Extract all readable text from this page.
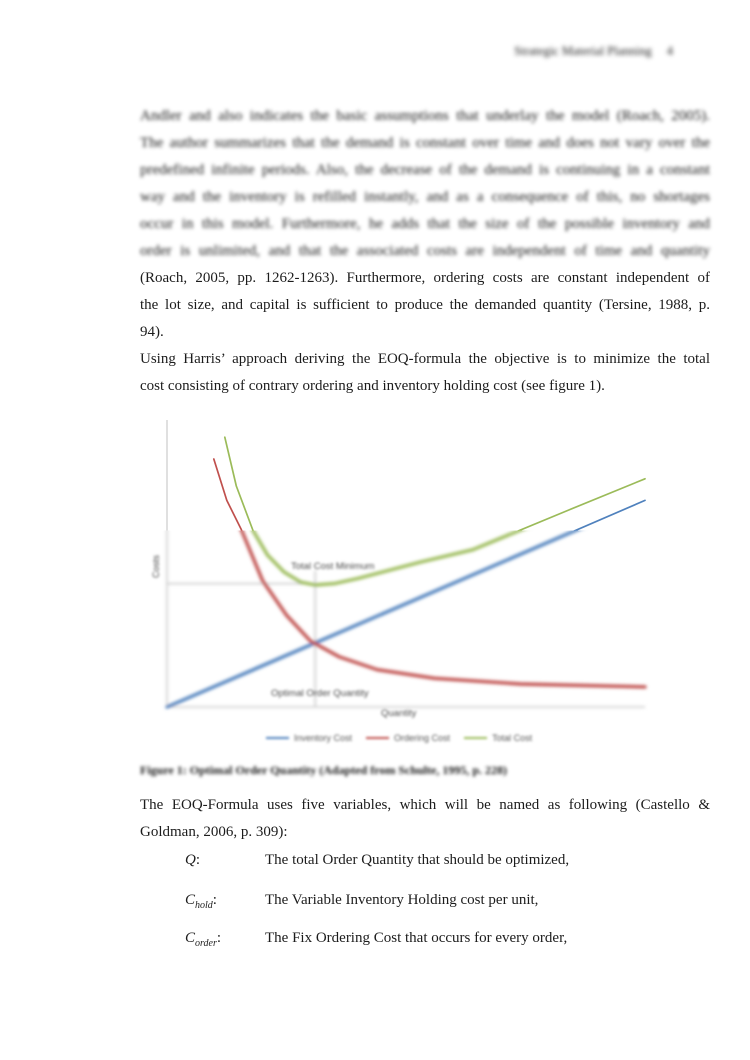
Strategic Material Planning 4
Andler and also indicates the basic assumptions that underlay the model (Roach, 2005).
The author summarizes that the demand is constant over time and does not vary over the
predefined infinite periods. Also, the decrease of the demand is continuing in a constant
way and the inventory is refilled instantly, and as a consequence of this, no shortages
occur in this model. Furthermore, he adds that the size of the possible inventory and
order is unlimited, and that the associated costs are independent of time and quantity
(Roach, 2005, pp. 1262-1263). Furthermore, ordering costs are constant independent of
the lot size, and capital is sufficient to produce the demanded quantity (Tersine, 1988, p.
94).
Using Harris’ approach deriving the EOQ-formula the objective is to minimize the total
cost consisting of contrary ordering and inventory holding cost (see figure 1).
Total Cost Minimum
Optimal Order Quantity
Quantity
Costs
Inventory Cost	Ordering Cost	Total Cost
Figure 1: Optimal Order Quantity (Adapted from Schulte, 1995, p. 228)
The EOQ-Formula uses five variables, which will be named as following (Castello &
Goldman, 2006, p. 309):
Q:	The total Order Quantity that should be optimized,
$C_{hold}$:	The Variable Inventory Holding cost per unit,
$C_{order}$:	The Fix Ordering Cost that occurs for every order,
